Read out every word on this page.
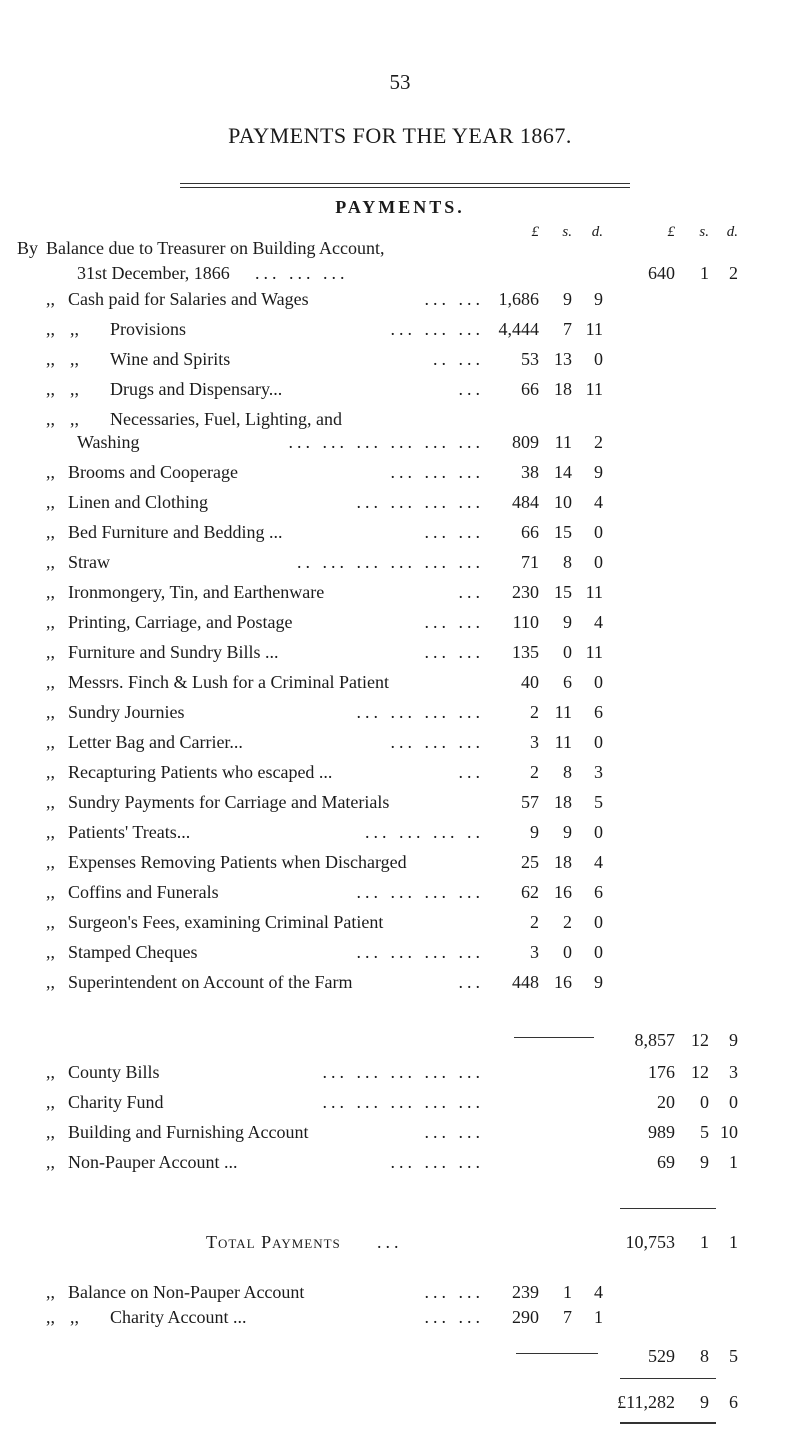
53
PAYMENTS FOR THE YEAR 1867.
PAYMENTS.
£ s. d.	£ s. d.
By Balance due to Treasurer on Building Account,
31st December, 1866 ... ... ...	640 1 2
,, Cash paid for Salaries and Wages	... ... 1,686 9 9
,, ,, Provisions	... ... ... 4,444 7 11
,, ,, Wine and Spirits	.. ... 53 13 0
,, ,, Drugs and Dispensary...	... 66 18 11
,, ,, Necessaries, Fuel, Lighting, and
Washing	... ... ... ... ... ... 809 11 2
,, Brooms and Cooperage	... ... ... 38 14 9
,, Linen and Clothing	... ... ... ... 484 10 4
,, Bed Furniture and Bedding ...	... ... 66 15 0
,, Straw	.. ... ... ... ... ... 71 8 0
,, Ironmongery, Tin, and Earthenware	... 230 15 11
,, Printing, Carriage, and Postage	... ... 110 9 4
,, Furniture and Sundry Bills ...	... ... 135 0 11
,, Messrs. Finch & Lush for a Criminal Patient	40 6 0
,, Sundry Journies	... ... ... ...	2 11 6
,, Letter Bag and Carrier...	... ... ...	3 11 0
,, Recapturing Patients who escaped ...	...	2 8 3
,, Sundry Payments for Carriage and Materials	57 18 5
,, Patients' Treats...	... ... ... ..	9 9 0
,, Expenses Removing Patients when Discharged	25 18 4
,, Coffins and Funerals	... ... ... ... 62 16 6
,, Surgeon's Fees, examining Criminal Patient	2 2 0
,, Stamped Cheques	... ... ... ...	3 0 0
,, Superintendent on Account of the Farm	... 448 16 9
8,857 12 9
,, County Bills	... ... ... ... ...	176 12 3
,, Charity Fund	... ... ... ... ...	20 0 0
,, Building and Furnishing Account	... ...	989 5 10
,, Non-Pauper Account ...	... ... ...	69 9 1
Total Payments ...	10,753 1 1
,, Balance on Non-Pauper Account	... ... 239 1 4
,, ,, Charity Account ...	... ... 290 7 1
529 8 5
£11,282 9 6
